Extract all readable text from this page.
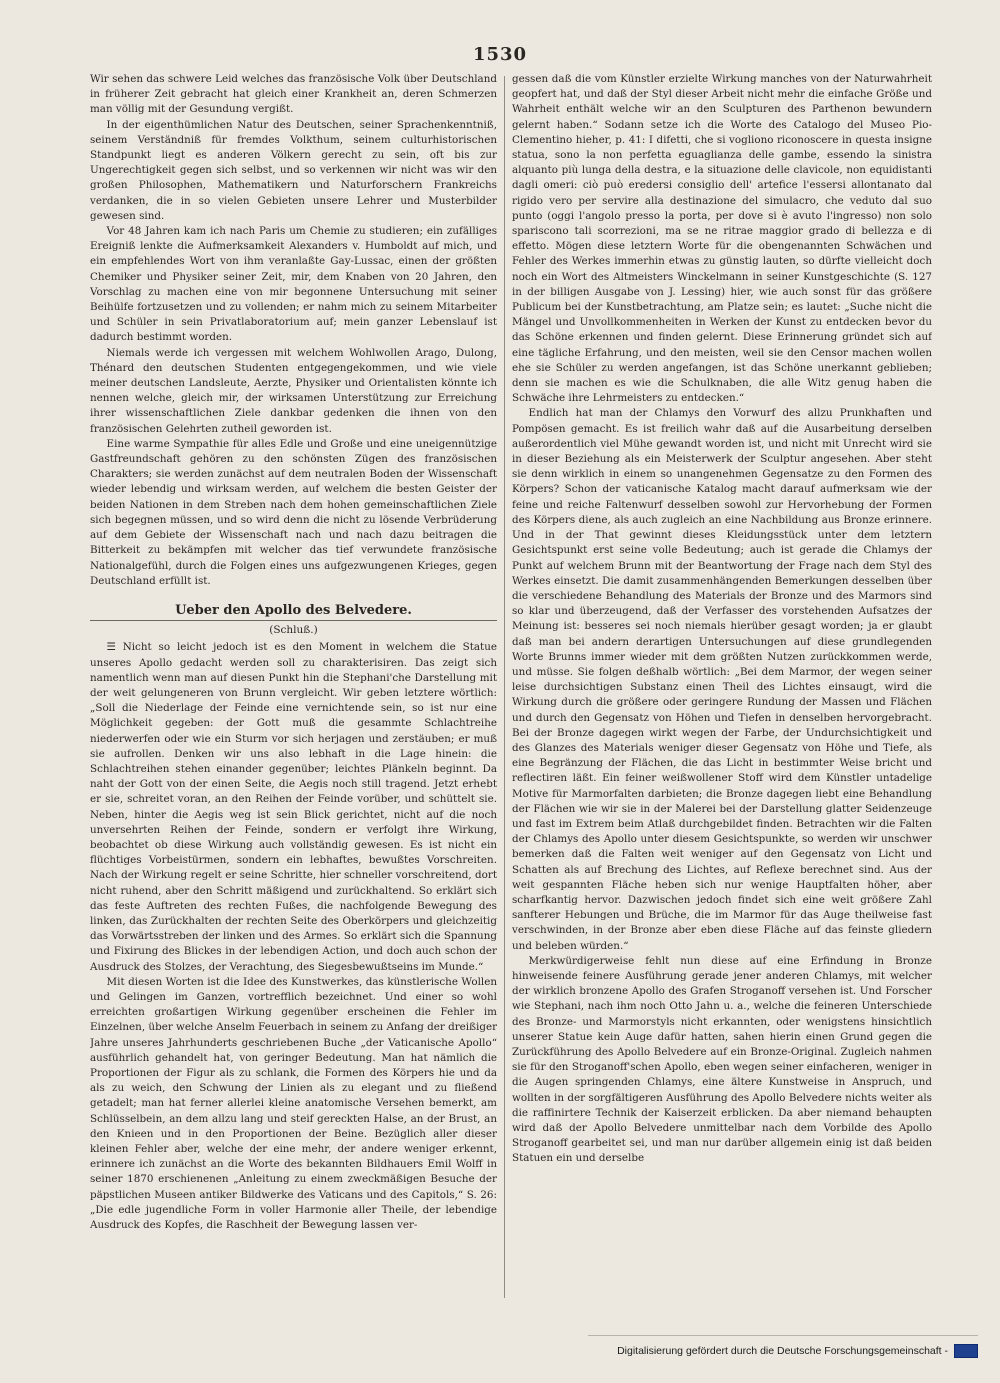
1530

Wir sehen das schwere Leid welches das französische Volk über Deutschland in früherer Zeit gebracht hat gleich einer Krankheit an, deren Schmerzen man völlig mit der Gesundung vergißt.

In der eigenthümlichen Natur des Deutschen, seiner Sprachenkenntniß, seinem Verständniß für fremdes Volkthum, seinem culturhistorischen Standpunkt liegt es anderen Völkern gerecht zu sein, oft bis zur Ungerechtigkeit gegen sich selbst, und so verkennen wir nicht was wir den großen Philosophen, Mathematikern und Naturforschern Frankreichs verdanken, die in so vielen Gebieten unsere Lehrer und Musterbilder gewesen sind.

Vor 48 Jahren kam ich nach Paris um Chemie zu studieren; ein zufälliges Ereigniß lenkte die Aufmerksamkeit Alexanders v. Humboldt auf mich, und ein empfehlendes Wort von ihm veranlaßte Gay-Lussac, einen der größten Chemiker und Physiker seiner Zeit, mir, dem Knaben von 20 Jahren, den Vorschlag zu machen eine von mir begonnene Untersuchung mit seiner Beihülfe fortzusetzen und zu vollenden; er nahm mich zu seinem Mitarbeiter und Schüler in sein Privatlaboratorium auf; mein ganzer Lebenslauf ist dadurch bestimmt worden.

Niemals werde ich vergessen mit welchem Wohlwollen Arago, Dulong, Thénard den deutschen Studenten entgegengekommen, und wie viele meiner deutschen Landsleute, Aerzte, Physiker und Orientalisten könnte ich nennen welche, gleich mir, der wirksamen Unterstützung zur Erreichung ihrer wissenschaftlichen Ziele dankbar gedenken die ihnen von den französischen Gelehrten zutheil geworden ist.

Eine warme Sympathie für alles Edle und Große und eine uneigennützige Gastfreundschaft gehören zu den schönsten Zügen des französischen Charakters; sie werden zunächst auf dem neutralen Boden der Wissenschaft wieder lebendig und wirksam werden, auf welchem die besten Geister der beiden Nationen in dem Streben nach dem hohen gemeinschaftlichen Ziele sich begegnen müssen, und so wird denn die nicht zu lösende Verbrüderung auf dem Gebiete der Wissenschaft nach und nach dazu beitragen die Bitterkeit zu bekämpfen mit welcher das tief verwundete französische Nationalgefühl, durch die Folgen eines uns aufgezwungenen Krieges, gegen Deutschland erfüllt ist.

Ueber den Apollo des Belvedere.
(Schluß.)

☰ Nicht so leicht jedoch ist es den Moment in welchem die Statue unseres Apollo gedacht werden soll zu charakterisiren. Das zeigt sich namentlich wenn man auf diesen Punkt hin die Stephani'che Darstellung mit der weit gelungeneren von Brunn vergleicht. Wir geben letztere wörtlich: „Soll die Niederlage der Feinde eine vernichtende sein, so ist nur eine Möglichkeit gegeben: der Gott muß die gesammte Schlachtreihe niederwerfen oder wie ein Sturm vor sich herjagen und zerstäuben; er muß sie aufrollen. Denken wir uns also lebhaft in die Lage hinein: die Schlachtreihen stehen einander gegenüber; leichtes Plänkeln beginnt. Da naht der Gott von der einen Seite, die Aegis noch still tragend. Jetzt erhebt er sie, schreitet voran, an den Reihen der Feinde vorüber, und schüttelt sie. Neben, hinter die Aegis weg ist sein Blick gerichtet, nicht auf die noch unversehrten Reihen der Feinde, sondern er verfolgt ihre Wirkung, beobachtet ob diese Wirkung auch vollständig gewesen. Es ist nicht ein flüchtiges Vorbeistürmen, sondern ein lebhaftes, bewußtes Vorschreiten. Nach der Wirkung regelt er seine Schritte, hier schneller vorschreitend, dort nicht ruhend, aber den Schritt mäßigend und zurückhaltend. So erklärt sich das feste Auftreten des rechten Fußes, die nachfolgende Bewegung des linken, das Zurückhalten der rechten Seite des Oberkörpers und gleichzeitig das Vorwärtsstreben der linken und des Armes. So erklärt sich die Spannung und Fixirung des Blickes in der lebendigen Action, und doch auch schon der Ausdruck des Stolzes, der Verachtung, des Siegesbewußtseins im Munde.“

Mit diesen Worten ist die Idee des Kunstwerkes, das künstlerische Wollen und Gelingen im Ganzen, vortrefflich bezeichnet. Und einer so wohl erreichten großartigen Wirkung gegenüber erscheinen die Fehler im Einzelnen, über welche Anselm Feuerbach in seinem zu Anfang der dreißiger Jahre unseres Jahrhunderts geschriebenen Buche „der Vaticanische Apollo“ ausführlich gehandelt hat, von geringer Bedeutung. Man hat nämlich die Proportionen der Figur als zu schlank, die Formen des Körpers hie und da als zu weich, den Schwung der Linien als zu elegant und zu fließend getadelt; man hat ferner allerlei kleine anatomische Versehen bemerkt, am Schlüsselbein, an dem allzu lang und steif gereckten Halse, an der Brust, an den Knieen und in den Proportionen der Beine. Bezüglich aller dieser kleinen Fehler aber, welche der eine mehr, der andere weniger erkennt, erinnere ich zunächst an die Worte des bekannten Bildhauers Emil Wolff in seiner 1870 erschienenen „Anleitung zu einem zweckmäßigen Besuche der päpstlichen Museen antiker Bildwerke des Vaticans und des Capitols,“ S. 26: „Die edle jugendliche Form in voller Harmonie aller Theile, der lebendige Ausdruck des Kopfes, die Raschheit der Bewegung lassen ver-

gessen daß die vom Künstler erzielte Wirkung manches von der Naturwahrheit geopfert hat, und daß der Styl dieser Arbeit nicht mehr die einfache Größe und Wahrheit enthält welche wir an den Sculpturen des Parthenon bewundern gelernt haben.“ Sodann setze ich die Worte des Catalogo del Museo Pio-Clementino hieher, p. 41: I difetti, che si vogliono riconoscere in questa insigne statua, sono la non perfetta eguaglianza delle gambe, essendo la sinistra alquanto più lunga della destra, e la situazione delle clavicole, non equidistanti dagli omeri: ciò può eredersi consiglio dell' artefice l'essersi allontanato dal rigido vero per servire alla destinazione del simulacro, che veduto dal suo punto (oggi l'angolo presso la porta, per dove si è avuto l'ingresso) non solo spariscono tali scorrezioni, ma se ne ritrae maggior grado di bellezza e di effetto. Mögen diese letztern Worte für die obengenannten Schwächen und Fehler des Werkes immerhin etwas zu günstig lauten, so dürfte vielleicht doch noch ein Wort des Altmeisters Winckelmann in seiner Kunstgeschichte (S. 127 in der billigen Ausgabe von J. Lessing) hier, wie auch sonst für das größere Publicum bei der Kunstbetrachtung, am Platze sein; es lautet: „Suche nicht die Mängel und Unvollkommenheiten in Werken der Kunst zu entdecken bevor du das Schöne erkennen und finden gelernt. Diese Erinnerung gründet sich auf eine tägliche Erfahrung, und den meisten, weil sie den Censor machen wollen ehe sie Schüler zu werden angefangen, ist das Schöne unerkannt geblieben; denn sie machen es wie die Schulknaben, die alle Witz genug haben die Schwäche ihre Lehrmeisters zu entdecken.“

Endlich hat man der Chlamys den Vorwurf des allzu Prunkhaften und Pompösen gemacht. Es ist freilich wahr daß auf die Ausarbeitung derselben außerordentlich viel Mühe gewandt worden ist, und nicht mit Unrecht wird sie in dieser Beziehung als ein Meisterwerk der Sculptur angesehen. Aber steht sie denn wirklich in einem so unangenehmen Gegensatze zu den Formen des Körpers? Schon der vaticanische Katalog macht darauf aufmerksam wie der feine und reiche Faltenwurf desselben sowohl zur Hervorhebung der Formen des Körpers diene, als auch zugleich an eine Nachbildung aus Bronze erinnere. Und in der That gewinnt dieses Kleidungsstück unter dem letztern Gesichtspunkt erst seine volle Bedeutung; auch ist gerade die Chlamys der Punkt auf welchem Brunn mit der Beantwortung der Frage nach dem Styl des Werkes einsetzt. Die damit zusammenhängenden Bemerkungen desselben über die verschiedene Behandlung des Materials der Bronze und des Marmors sind so klar und überzeugend, daß der Verfasser des vorstehenden Aufsatzes der Meinung ist: besseres sei noch niemals hierüber gesagt worden; ja er glaubt daß man bei andern derartigen Untersuchungen auf diese grundlegenden Worte Brunns immer wieder mit dem größten Nutzen zurückkommen werde, und müsse. Sie folgen deßhalb wörtlich: „Bei dem Marmor, der wegen seiner leise durchsichtigen Substanz einen Theil des Lichtes einsaugt, wird die Wirkung durch die größere oder geringere Rundung der Massen und Flächen und durch den Gegensatz von Höhen und Tiefen in denselben hervorgebracht. Bei der Bronze dagegen wirkt wegen der Farbe, der Undurchsichtigkeit und des Glanzes des Materials weniger dieser Gegensatz von Höhe und Tiefe, als eine Begränzung der Flächen, die das Licht in bestimmter Weise bricht und reflectiren läßt. Ein feiner weißwollener Stoff wird dem Künstler untadelige Motive für Marmorfalten darbieten; die Bronze dagegen liebt eine Behandlung der Flächen wie wir sie in der Malerei bei der Darstellung glatter Seidenzeuge und fast im Extrem beim Atlaß durchgebildet finden. Betrachten wir die Falten der Chlamys des Apollo unter diesem Gesichtspunkte, so werden wir unschwer bemerken daß die Falten weit weniger auf den Gegensatz von Licht und Schatten als auf Brechung des Lichtes, auf Reflexe berechnet sind. Aus der weit gespannten Fläche heben sich nur wenige Hauptfalten höher, aber scharfkantig hervor. Dazwischen jedoch findet sich eine weit größere Zahl sanfterer Hebungen und Brüche, die im Marmor für das Auge theilweise fast verschwinden, in der Bronze aber eben diese Fläche auf das feinste gliedern und beleben würden.“

Merkwürdigerweise fehlt nun diese auf eine Erfindung in Bronze hinweisende feinere Ausführung gerade jener anderen Chlamys, mit welcher der wirklich bronzene Apollo des Grafen Stroganoff versehen ist. Und Forscher wie Stephani, nach ihm noch Otto Jahn u. a., welche die feineren Unterschiede des Bronze- und Marmorstyls nicht erkannten, oder wenigstens hinsichtlich unserer Statue kein Auge dafür hatten, sahen hierin einen Grund gegen die Zurückführung des Apollo Belvedere auf ein Bronze-Original. Zugleich nahmen sie für den Stroganoff'schen Apollo, eben wegen seiner einfacheren, weniger in die Augen springenden Chlamys, eine ältere Kunstweise in Anspruch, und wollten in der sorgfältigeren Ausführung des Apollo Belvedere nichts weiter als die raffinirtere Technik der Kaiserzeit erblicken. Da aber niemand behaupten wird daß der Apollo Belvedere unmittelbar nach dem Vorbilde des Apollo Stroganoff gearbeitet sei, und man nur darüber allgemein einig ist daß beiden Statuen ein und derselbe

Digitalisierung gefördert durch die Deutsche Forschungsgemeinschaft -
